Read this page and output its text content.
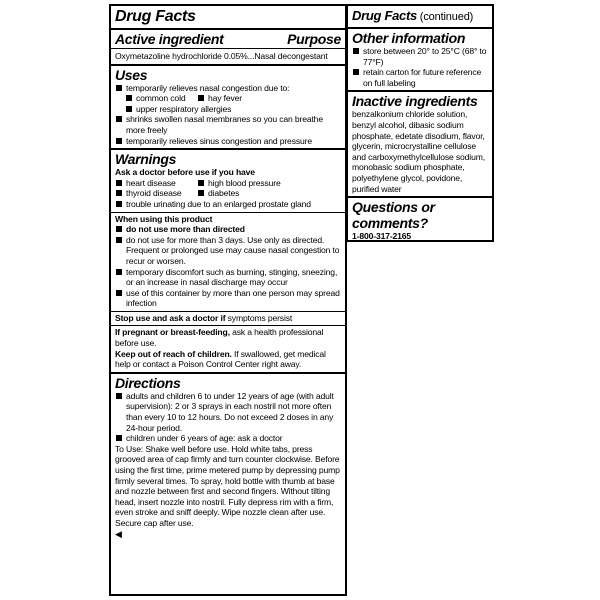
Drug Facts
Active ingredient	Purpose
Oxymetazoline hydrochloride 0.05%...Nasal decongestant
Uses
temporarily relieves nasal congestion due to:
common cold	hay fever
upper respiratory allergies
shrinks swollen nasal membranes so you can breathe more freely
temporarily relieves sinus congestion and pressure
Warnings
Ask a doctor before use if you have
heart disease	high blood pressure
thyroid disease	diabetes
trouble urinating due to an enlarged prostate gland
When using this product
do not use more than directed
do not use for more than 3 days. Use only as directed. Frequent or prolonged use may cause nasal congestion to recur or worsen.
temporary discomfort such as burning, stinging, sneezing, or an increase in nasal discharge may occur
use of this container by more than one person may spread infection
Stop use and ask a doctor if symptoms persist
If pregnant or breast-feeding, ask a health professional before use.
Keep out of reach of children. If swallowed, get medical help or contact a Poison Control Center right away.
Directions
adults and children 6 to under 12 years of age (with adult supervision): 2 or 3 sprays in each nostril not more often than every 10 to 12 hours. Do not exceed 2 doses in any 24-hour period.
children under 6 years of age: ask a doctor
To Use: Shake well before use. Hold white tabs, press grooved area of cap firmly and turn counter clockwise. Before using the first time, prime metered pump by depressing pump firmly several times. To spray, hold bottle with thumb at base and nozzle between first and second fingers. Without tilting head, insert nozzle into nostril. Fully depress rim with a firm, even stroke and sniff deeply. Wipe nozzle clean after use. Secure cap after use.
◀
Drug Facts (continued)
Other information
store between 20° to 25°C (68° to 77°F)
retain carton for future reference on full labeling
Inactive ingredients
benzalkonium chloride solution, benzyl alcohol, dibasic sodium phosphate, edetate disodium, flavor, glycerin, microcrystalline cellulose and carboxymethylcellulose sodium, monobasic sodium phosphate, polyethylene glycol, povidone, purified water
Questions or comments?
1-800-317-2165
